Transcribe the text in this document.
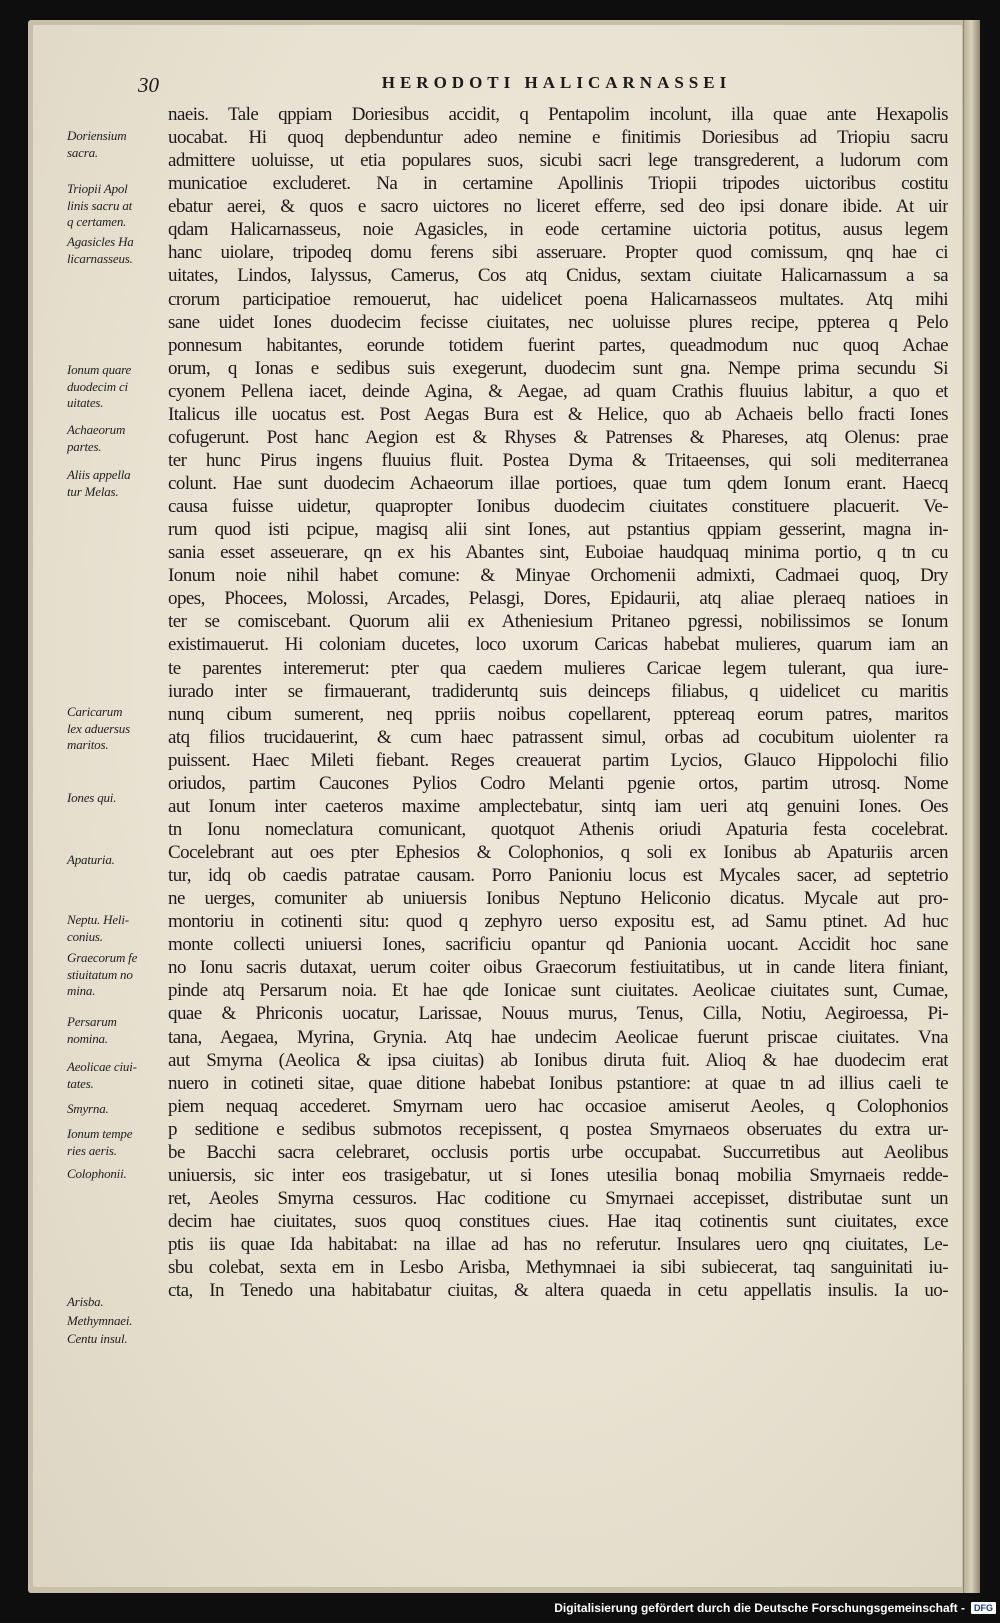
30	HERODOTI HALICARNASSEI
naeis. Tale qppiam Doriesibus accidit, q Pentapolim incolunt, illa quae ante Hexapolis
uocabat. Hi quoq depbenduntur adeo nemine e finitimis Doriesibus ad Triopiu sacru
admittere uoluisse, ut etia populares suos, sicubi sacri lege transgrederent, a ludorum com
municatioe excluderet. Na in certamine Apollinis Triopii tripodes uictoribus costitu
ebatur aerei, & quos e sacro uictores no liceret efferre, sed deo ipsi donare ibide. At uir
qdam Halicarnasseus, noie Agasicles, in eode certamine uictoria potitus, ausus legem
hanc uiolare, tripodeq domu ferens sibi asseruare. Propter quod comissum, qnq hae ci
uitates, Lindos, Ialyssus, Camerus, Cos atq Cnidus, sextam ciuitate Halicarnassum a sa
crorum participatioe remouerut, hac uidelicet poena Halicarnasseos multates. Atq mihi
sane uidet Iones duodecim fecisse ciuitates, nec uoluisse plures recipe, ppterea q Pelo
ponnesum habitantes, eorunde totidem fuerint partes, queadmodum nuc quoq Achae
orum, q Ionas e sedibus suis exegerunt, duodecim sunt gna. Nempe prima secundu Si
cyonem Pellena iacet, deinde Agina, & Aegae, ad quam Crathis fluuius labitur, a quo et
Italicus ille uocatus est. Post Aegas Bura est & Helice, quo ab Achaeis bello fracti Iones
cofugerunt. Post hanc Aegion est & Rhyses & Patrenses & Phareses, atq Olenus: prae
ter hunc Pirus ingens fluuius fluit. Postea Dyma & Tritaeenses, qui soli mediterranea
colunt. Hae sunt duodecim Achaeorum illae portioes, quae tum qdem Ionum erant. Haecq
causa fuisse uidetur, quapropter Ionibus duodecim ciuitates constituere placuerit. Ve-
rum quod isti pcipue, magisq alii sint Iones, aut pstantius qppiam gesserint, magna in-
sania esset asseuerare, qn ex his Abantes sint, Euboiae haudquaq minima portio, q tn cu
Ionum noie nihil habet comune: & Minyae Orchomenii admixti, Cadmaei quoq, Dry
opes, Phocees, Molossi, Arcades, Pelasgi, Dores, Epidaurii, atq aliae pleraeq natioes in
ter se comiscebant. Quorum alii ex Atheniesium Pritaneo pgressi, nobilissimos se Ionum
existimauerut. Hi coloniam ducetes, loco uxorum Caricas habebat mulieres, quarum iam an
te parentes interemerut: pter qua caedem mulieres Caricae legem tulerant, qua iure-
iurado inter se firmauerant, tradideruntq suis deinceps filiabus, q uidelicet cu maritis
nunq cibum sumerent, neq ppriis noibus copellarent, pptereaq eorum patres, maritos
atq filios trucidauerint, & cum haec patrassent simul, orbas ad cocubitum uiolenter ra
puissent. Haec Mileti fiebant. Reges creauerat partim Lycios, Glauco Hippolochi filio
oriudos, partim Caucones Pylios Codro Melanti pgenie ortos, partim utrosq. Nome
aut Ionum inter caeteros maxime amplectebatur, sintq iam ueri atq genuini Iones. Oes
tn Ionu nomeclatura comunicant, quotquot Athenis oriudi Apaturia festa cocelebrat.
Cocelebrant aut oes pter Ephesios & Colophonios, q soli ex Ionibus ab Apaturiis arcen
tur, idq ob caedis patratae causam. Porro Panioniu locus est Mycales sacer, ad septetrio
ne uerges, comuniter ab uniuersis Ionibus Neptuno Heliconio dicatus. Mycale aut pro-
montoriu in cotinenti situ: quod q zephyro uerso expositu est, ad Samu ptinet. Ad huc
monte collecti uniuersi Iones, sacrificiu opantur qd Panionia uocant. Accidit hoc sane
no Ionu sacris dutaxat, uerum coiter oibus Graecorum festiuitatibus, ut in cande litera finiant,
pinde atq Persarum noia. Et hae qde Ionicae sunt ciuitates. Aeolicae ciuitates sunt, Cumae,
quae & Phriconis uocatur, Larissae, Nouus murus, Tenus, Cilla, Notiu, Aegiroessa, Pi-
tana, Aegaea, Myrina, Grynia. Atq hae undecim Aeolicae fuerunt priscae ciuitates. Vna
aut Smyrna (Aeolica & ipsa ciuitas) ab Ionibus diruta fuit. Alioq & hae duodecim erat
nuero in cotineti sitae, quae ditione habebat Ionibus pstantiore: at quae tn ad illius caeli te
piem nequaq accederet. Smyrnam uero hac occasioe amiserut Aeoles, q Colophonios
p seditione e sedibus submotos recepissent, q postea Smyrnaeos obseruates du extra ur-
be Bacchi sacra celebraret, occlusis portis urbe occupabat. Succurretibus aut Aeolibus
uniuersis, sic inter eos trasigebatur, ut si Iones utesilia bonaq mobilia Smyrnaeis redde-
ret, Aeoles Smyrna cessuros. Hac coditione cu Smyrnaei accepisset, distributae sunt un
decim hae ciuitates, suos quoq constitues ciues. Hae itaq cotinentis sunt ciuitates, exce
ptis iis quae Ida habitabat: na illae ad has no referutur. Insulares uero qnq ciuitates, Le-
sbu colebat, sexta em in Lesbo Arisba, Methymnaei ia sibi subiecerat, taq sanguinitati iu-
cta, In Tenedo una habitabatur ciuitas, & altera quaeda in cetu appellatis insulis. Ia uo-
Doriensium
sacra.
Triopii Apol
linis sacru at
q certamen.
Agasicles Ha
licarnasseus.
Ionum quare
duodecim ci
uitates.
Achaeorum
partes.
Aliis appella
tur Melas.
Caricarum
lex aduersus
maritos.
Iones qui.
Apaturia.
Neptu. Heli-
conius.
Graecorum fe
stiuitatum no
mina.
Persarum
nomina.
Aeolicae ciui-
tates.
Smyrna.
Ionum tempe
ries aeris.
Colophonii.
Arisba.
Methymnaei.
Centu insul.
Digitalisierung gefördert durch die Deutsche Forschungsgemeinschaft -	DFG
